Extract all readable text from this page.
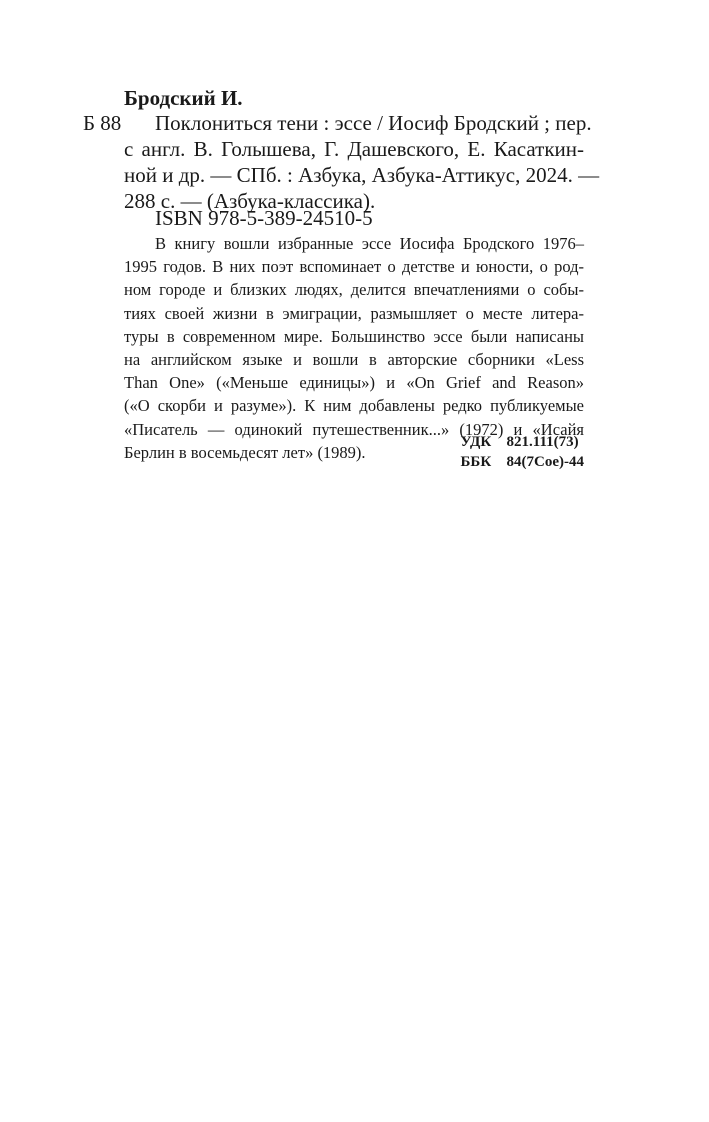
Бродский И.
Б 88 Поклониться тени : эссе / Иосиф Бродский ; пер.
с англ. В. Голышева, Г. Дашевского, Е. Касаткин-
ной и др. — СПб. : Азбука, Азбука-Аттикус, 2024. —
288 с. — (Азбука-классика).
ISBN 978-5-389-24510-5
В книгу вошли избранные эссе Иосифа Бродского 1976–
1995 годов. В них поэт вспоминает о детстве и юности, о род-
ном городе и близких людях, делится впечатлениями о собы-
тиях своей жизни в эмиграции, размышляет о месте литера-
туры в современном мире. Большинство эссе были написаны
на английском языке и вошли в авторские сборники «Less
Than One» («Меньше единицы») и «On Grief and Reason»
(«О скорби и разуме»). К ним добавлены редко публикуемые
«Писатель — одинокий путешественник...» (1972) и «Исайя
Берлин в восемьдесят лет» (1989).
УДК 821.111(73)
ББК 84(7Сое)-44
